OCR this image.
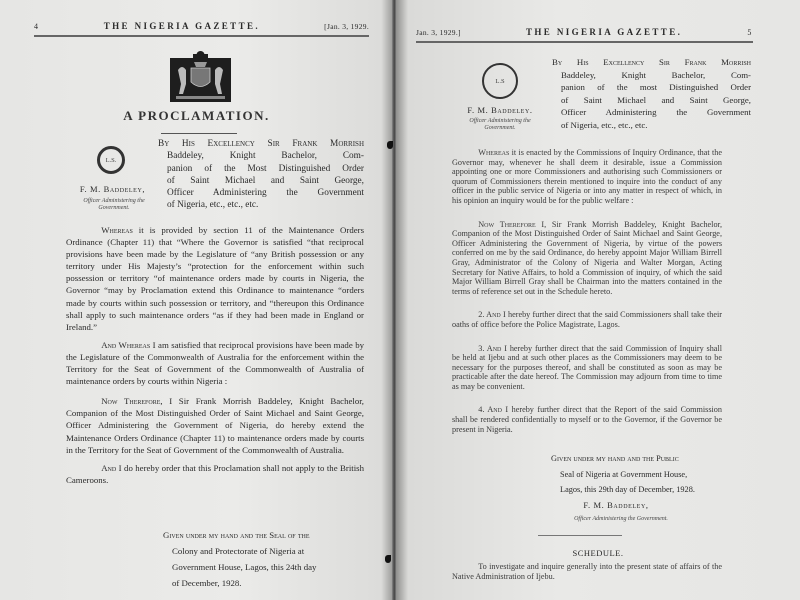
4	THE NIGERIA GAZETTE.	[Jan. 3, 1929.
A PROCLAMATION.
L.S.
F. M. Baddeley,
Officer Administering the Government.
By His Excellency Sir Frank Morrish
Baddeley, Knight Bachelor, Com-
panion of the Most Distinguished Order
of Saint Michael and Saint George,
Officer Administering the Government
of Nigeria, etc., etc., etc.

Whereas it is provided by section 11 of the Maintenance Orders Ordinance (Chapter 11) that “Where the Governor is satisfied “that reciprocal provisions have been made by the Legislature of “any British possession or any territory under His Majesty’s “protection for the enforcement within such possession or territory “of maintenance orders made by courts in Nigeria, the Governor “may by Proclamation extend this Ordinance to maintenance “orders made by courts within such possession or territory, and “thereupon this Ordinance shall apply to such maintenance orders “as if they had been made in England or Ireland.”

And Whereas I am satisfied that reciprocal provisions have been made by the Legislature of the Commonwealth of Australia for the enforcement within the Territory for the Seat of Government of the Commonwealth of Australia of maintenance orders by courts within Nigeria :

Now Therefore, I Sir Frank Morrish Baddeley, Knight Bachelor, Companion of the Most Distinguished Order of Saint Michael and Saint George, Officer Administering the Government of Nigeria, do hereby extend the Maintenance Orders Ordinance (Chapter 11) to maintenance orders made by courts in the Territory for the Seat of Government of the Commonwealth of Australia.

And I do hereby order that this Proclamation shall not apply to the British Cameroons.

Given under my hand and the Seal of the
Colony and Protectorate of Nigeria at
Government House, Lagos, this 24th day
of December, 1928.
Jan. 3, 1929.]	THE NIGERIA GAZETTE.	5
L.S
F. M. Baddeley.
Officer Administering the Government.
By His Excellency Sir Frank Morrish
Baddeley, Knight Bachelor, Com-
panion of the most Distinguished Order
of Saint Michael and Saint George,
Officer Administering the Government
of Nigeria, etc., etc., etc.

Whereas it is enacted by the Commissions of Inquiry Ordinance, that the Governor may, whenever he shall deem it desirable, issue a Commission appointing one or more Commissioners and authorising such Commissioners or quorum of Commissioners therein mentioned to inquire into the conduct of any officer in the public service of Nigeria or into any matter in respect of which, in his opinion an inquiry would be for the public welfare :

Now Therefore I, Sir Frank Morrish Baddeley, Knight Bachelor, Companion of the Most Distinguished Order of Saint Michael and Saint George, Officer Administering the Government of Nigeria, by virtue of the powers conferred on me by the said Ordinance, do hereby appoint Major William Birrell Gray, Administrator of the Colony of Nigeria and Walter Morgan, Acting Secretary for Native Affairs, to hold a Commission of inquiry, of which the said Major William Birrell Gray shall be Chairman into the matters contained in the terms of reference set out in the Schedule hereto.

2. And I hereby further direct that the said Commissioners shall take their oaths of office before the Police Magistrate, Lagos.

3. And I hereby further direct that the said Commission of Inquiry shall be held at Ijebu and at such other places as the Commissioners may deem to be necessary for the purposes thereof, and shall be constituted as soon as may be practicable after the date hereof. The Commission may adjourn from time to time as may be convenient.

4. And I hereby further direct that the Report of the said Commission shall be rendered confidentially to myself or to the Governor, if the Governor be present in Nigeria.

Given under my hand and the Public
Seal of Nigeria at Government House,
Lagos, this 29th day of December, 1928.
F. M. Baddeley,
Officer Administering the Government.
SCHEDULE.

To investigate and inquire generally into the present state of affairs of the Native Administration of Ijebu.
